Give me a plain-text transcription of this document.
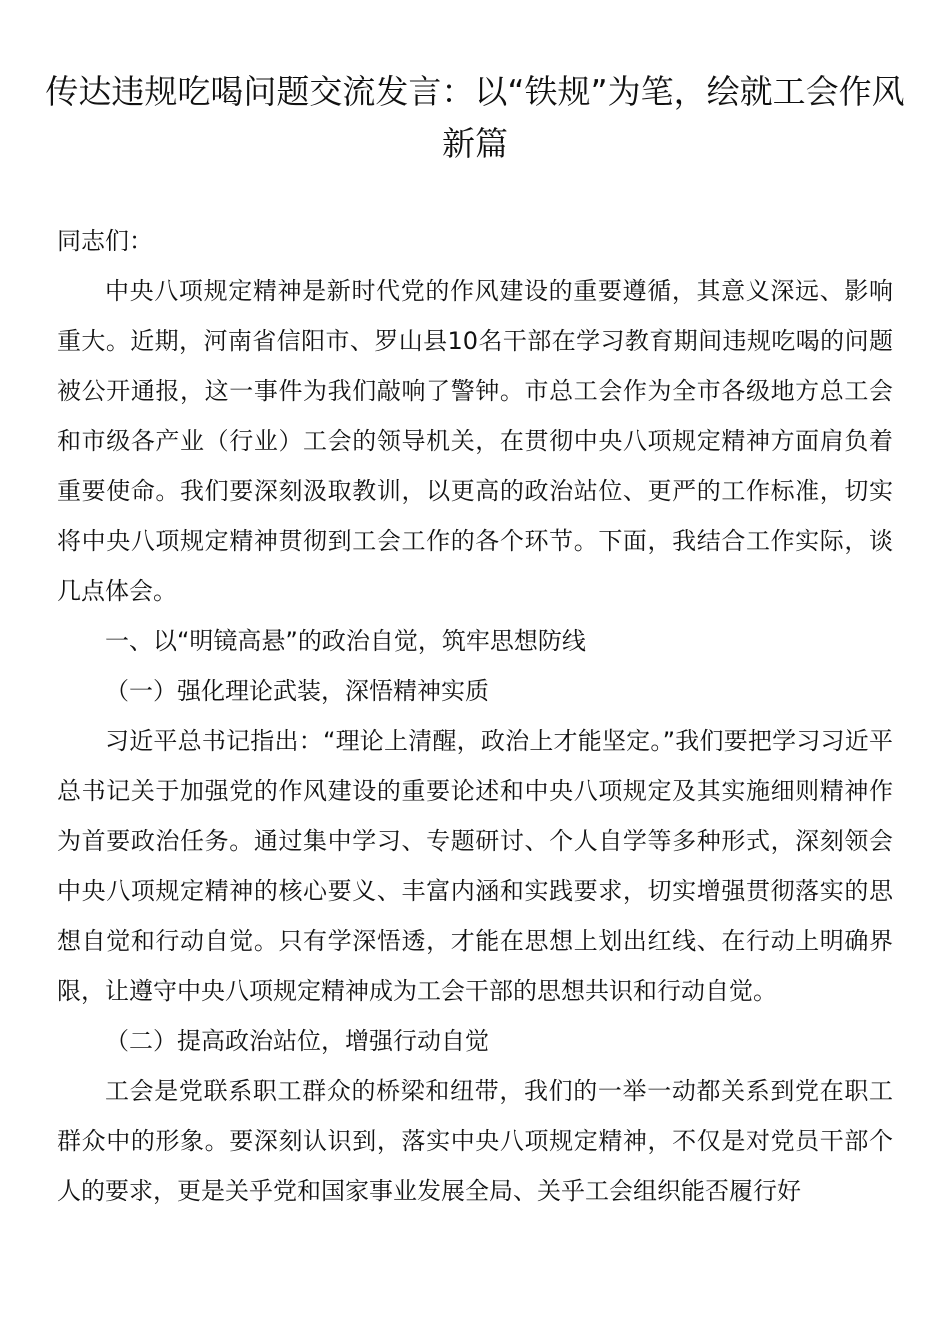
传达违规吃喝问题交流发言：以“铁规”为笔，绘就工会作风新篇

同志们：

中央八项规定精神是新时代党的作风建设的重要遵循，其意义深远、影响重大。近期，河南省信阳市、罗山县10名干部在学习教育期间违规吃喝的问题被公开通报，这一事件为我们敲响了警钟。市总工会作为全市各级地方总工会和市级各产业（行业）工会的领导机关，在贯彻中央八项规定精神方面肩负着重要使命。我们要深刻汲取教训，以更高的政治站位、更严的工作标准，切实将中央八项规定精神贯彻到工会工作的各个环节。下面，我结合工作实际，谈几点体会。

一、以“明镜高悬”的政治自觉，筑牢思想防线

（一）强化理论武装，深悟精神实质

习近平总书记指出：“理论上清醒，政治上才能坚定。”我们要把学习习近平总书记关于加强党的作风建设的重要论述和中央八项规定及其实施细则精神作为首要政治任务。通过集中学习、专题研讨、个人自学等多种形式，深刻领会中央八项规定精神的核心要义、丰富内涵和实践要求，切实增强贯彻落实的思想自觉和行动自觉。只有学深悟透，才能在思想上划出红线、在行动上明确界限，让遵守中央八项规定精神成为工会干部的思想共识和行动自觉。

（二）提高政治站位，增强行动自觉

工会是党联系职工群众的桥梁和纽带，我们的一举一动都关系到党在职工群众中的形象。要深刻认识到，落实中央八项规定精神，不仅是对党员干部个人的要求，更是关乎党和国家事业发展全局、关乎工会组织能否履行好
